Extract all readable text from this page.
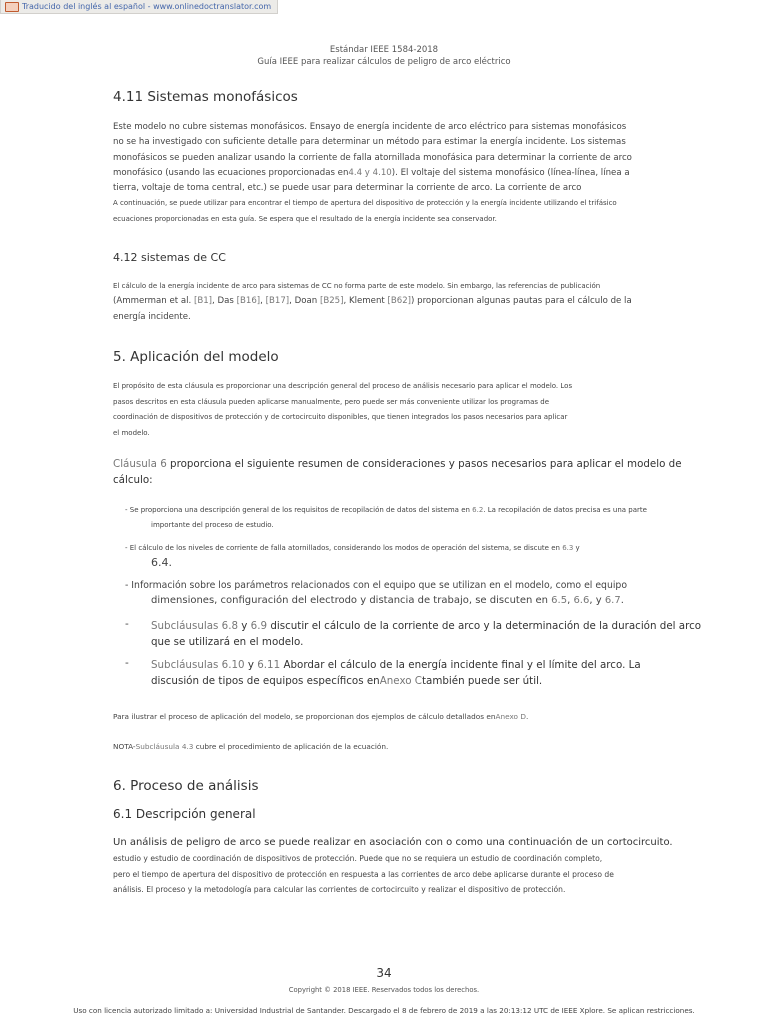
Traducido del inglés al español - www.onlinedoctranslator.com
Estándar IEEE 1584-2018
Guía IEEE para realizar cálculos de peligro de arco eléctrico
4.11 Sistemas monofásicos
Este modelo no cubre sistemas monofásicos. Ensayo de energía incidente de arco eléctrico para sistemas monofásicos
no se ha investigado con suficiente detalle para determinar un método para estimar la energía incidente. Los sistemas
monofásicos se pueden analizar usando la corriente de falla atornillada monofásica para determinar la corriente de arco
monofásico (usando las ecuaciones proporcionadas en4.4 y 4.10). El voltaje del sistema monofásico (línea-línea, línea a
tierra, voltaje de toma central, etc.) se puede usar para determinar la corriente de arco. La corriente de arco
A continuación, se puede utilizar para encontrar el tiempo de apertura del dispositivo de protección y la energía incidente utilizando el trifásico
ecuaciones proporcionadas en esta guía. Se espera que el resultado de la energía incidente sea conservador.
4.12 sistemas de CC
El cálculo de la energía incidente de arco para sistemas de CC no forma parte de este modelo. Sin embargo, las referencias de publicación
(Ammerman et al. [B1], Das [B16], [B17], Doan [B25], Klement [B62]) proporcionan algunas pautas para el cálculo de la
energía incidente.
5. Aplicación del modelo
El propósito de esta cláusula es proporcionar una descripción general del proceso de análisis necesario para aplicar el modelo. Los
pasos descritos en esta cláusula pueden aplicarse manualmente, pero puede ser más conveniente utilizar los programas de
coordinación de dispositivos de protección y de cortocircuito disponibles, que tienen integrados los pasos necesarios para aplicar
el modelo.
Cláusula 6 proporciona el siguiente resumen de consideraciones y pasos necesarios para aplicar el modelo de
cálculo:
- Se proporciona una descripción general de los requisitos de recopilación de datos del sistema en 6.2. La recopilación de datos precisa es una parte
importante del proceso de estudio.
- El cálculo de los niveles de corriente de falla atornillados, considerando los modos de operación del sistema, se discute en 6.3 y
6.4.
- Información sobre los parámetros relacionados con el equipo que se utilizan en el modelo, como el equipo
dimensiones, configuración del electrodo y distancia de trabajo, se discuten en 6.5, 6.6, y 6.7.
- Subcláusulas 6.8 y 6.9 discutir el cálculo de la corriente de arco y la determinación de la duración del arco
que se utilizará en el modelo.
- Subcláusulas 6.10 y 6.11 Abordar el cálculo de la energía incidente final y el límite del arco. La
discusión de tipos de equipos específicos enAnexo Ctambién puede ser útil.
Para ilustrar el proceso de aplicación del modelo, se proporcionan dos ejemplos de cálculo detallados enAnexo D.
NOTA-Subcláusula 4.3 cubre el procedimiento de aplicación de la ecuación.
6. Proceso de análisis
6.1 Descripción general
Un análisis de peligro de arco se puede realizar en asociación con o como una continuación de un cortocircuito.
estudio y estudio de coordinación de dispositivos de protección. Puede que no se requiera un estudio de coordinación completo,
pero el tiempo de apertura del dispositivo de protección en respuesta a las corrientes de arco debe aplicarse durante el proceso de
análisis. El proceso y la metodología para calcular las corrientes de cortocircuito y realizar el dispositivo de protección.
34
Copyright © 2018 IEEE. Reservados todos los derechos.
Uso con licencia autorizado limitado a: Universidad Industrial de Santander. Descargado el 8 de febrero de 2019 a las 20:13:12 UTC de IEEE Xplore. Se aplican restricciones.
